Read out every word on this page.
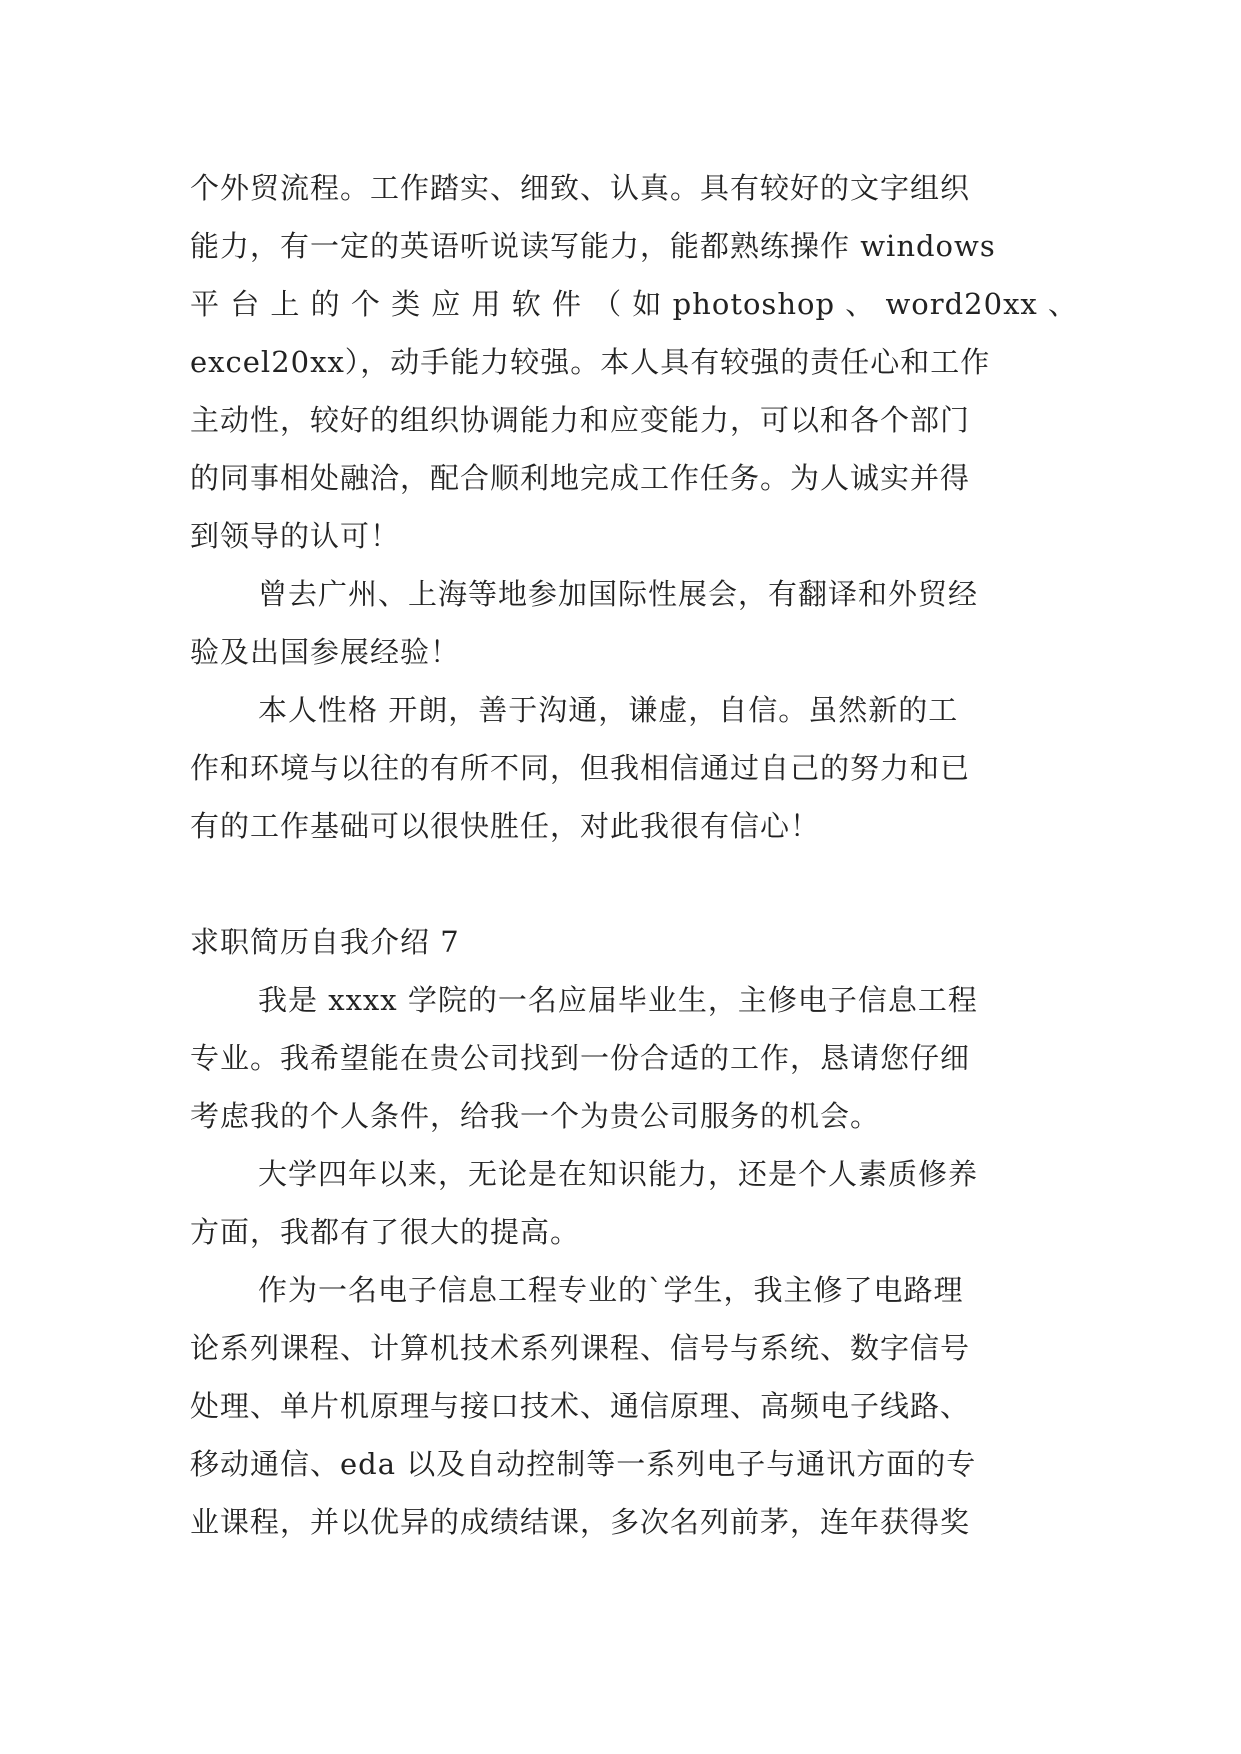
个外贸流程。工作踏实、细致、认真。具有较好的文字组织
能力，有一定的英语听说读写能力，能都熟练操作 windows
平 台 上 的 个 类 应 用 软 件 （ 如 photoshop 、 word20xx 、
excel20xx），动手能力较强。本人具有较强的责任心和工作
主动性，较好的组织协调能力和应变能力，可以和各个部门
的同事相处融洽，配合顺利地完成工作任务。为人诚实并得
到领导的认可！
曾去广州、上海等地参加国际性展会，有翻译和外贸经
验及出国参展经验！
本人性格 开朗，善于沟通，谦虚，自信。虽然新的工
作和环境与以往的有所不同，但我相信通过自己的努力和已
有的工作基础可以很快胜任，对此我很有信心！
求职简历自我介绍 7
我是 xxxx 学院的一名应届毕业生，主修电子信息工程
专业。我希望能在贵公司找到一份合适的工作，恳请您仔细
考虑我的个人条件，给我一个为贵公司服务的机会。
大学四年以来，无论是在知识能力，还是个人素质修养
方面，我都有了很大的提高。
作为一名电子信息工程专业的`学生，我主修了电路理
论系列课程、计算机技术系列课程、信号与系统、数字信号
处理、单片机原理与接口技术、通信原理、高频电子线路、
移动通信、eda 以及自动控制等一系列电子与通讯方面的专
业课程，并以优异的成绩结课，多次名列前茅，连年获得奖
